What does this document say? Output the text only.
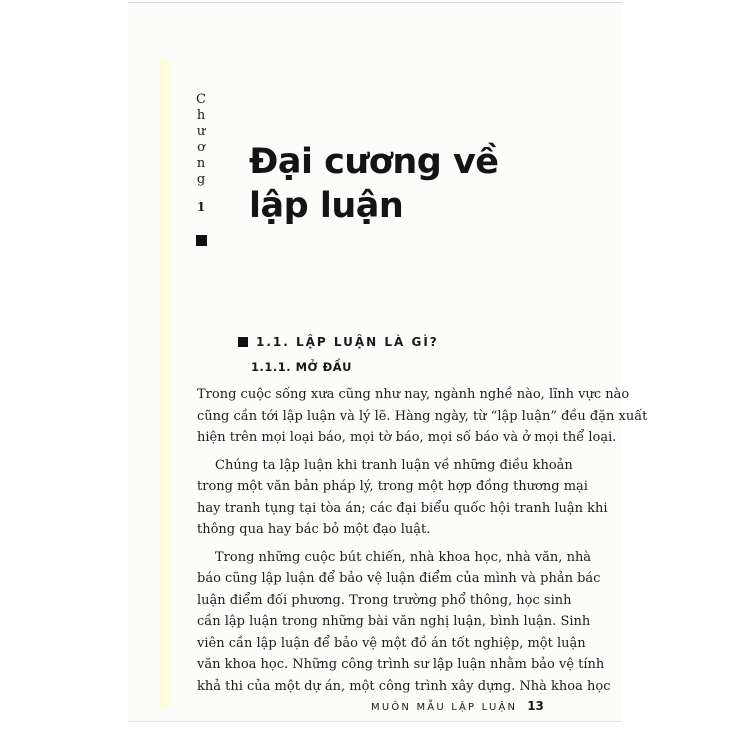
C
h
ư
ơ
n
g
1
Đại cương về
lập luận
1.1. LẬP LUẬN LÀ GÌ?
1.1.1. MỞ ĐẦU

Trong cuộc sống xưa cũng như nay, ngành nghề nào, lĩnh vực nào
cũng cần tới lập luận và lý lẽ. Hàng ngày, từ “lập luận” đều đặn xuất
hiện trên mọi loại báo, mọi tờ báo, mọi số báo và ở mọi thể loại.

Chúng ta lập luận khi tranh luận về những điều khoản
trong một văn bản pháp lý, trong một hợp đồng thương mại
hay tranh tụng tại tòa án; các đại biểu quốc hội tranh luận khi
thông qua hay bác bỏ một đạo luật.

Trong những cuộc bút chiến, nhà khoa học, nhà văn, nhà
báo cũng lập luận để bảo vệ luận điểm của mình và phản bác
luận điểm đối phương. Trong trường phổ thông, học sinh
cần lập luận trong những bài văn nghị luận, bình luận. Sinh
viên cần lập luận để bảo vệ một đồ án tốt nghiệp, một luận
văn khoa học. Những công trình sư lập luận nhằm bảo vệ tính
khả thi của một dự án, một công trình xây dựng. Nhà khoa học

MUÔN MẪU LẬP LUẬN 13
